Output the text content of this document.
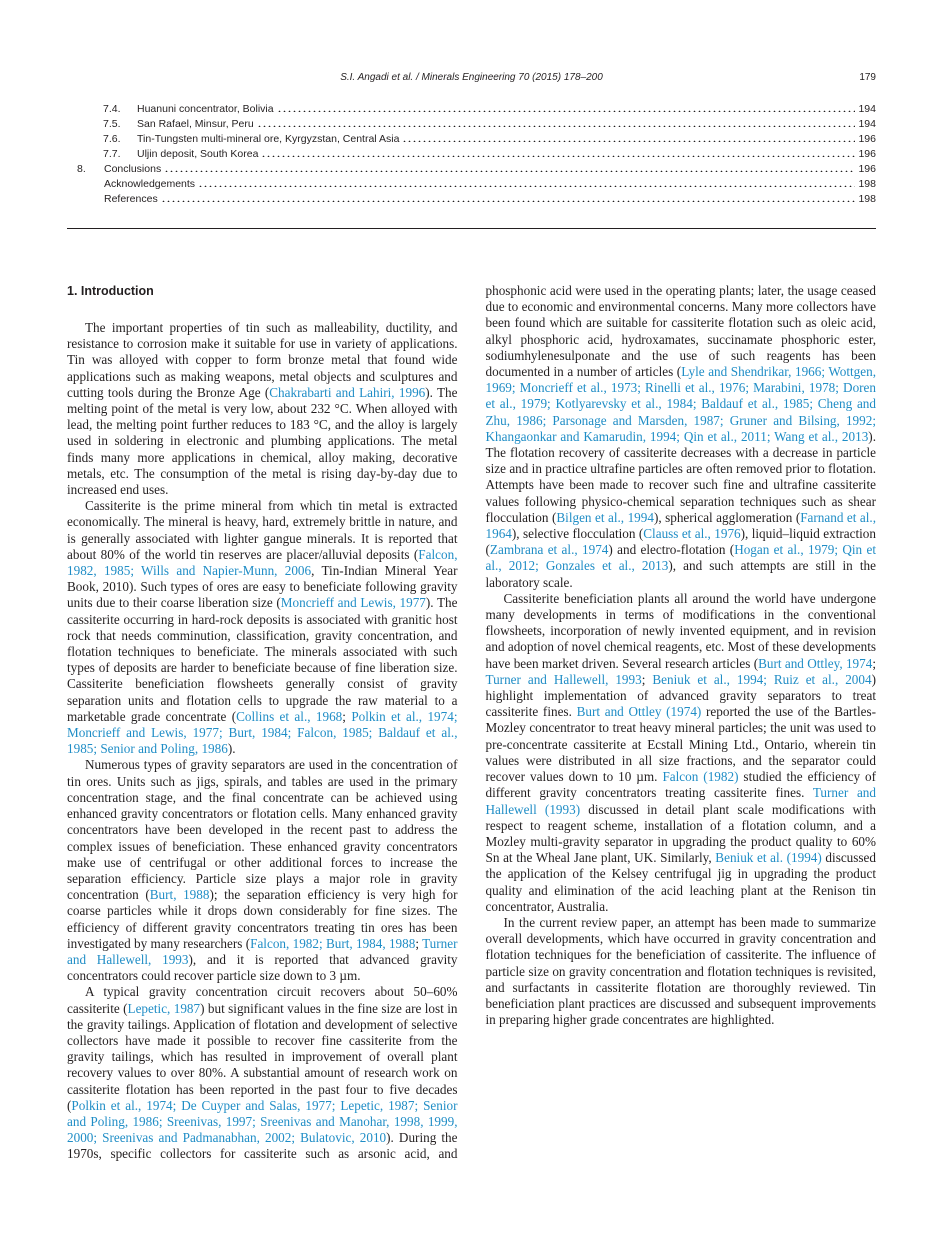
S.I. Angadi et al. / Minerals Engineering 70 (2015) 178–200	179
7.4.	Huanuni concentrator, Bolivia	194
7.5.	San Rafael, Minsur, Peru	194
7.6.	Tin-Tungsten multi-mineral ore, Kyrgyzstan, Central Asia	196
7.7.	Uljin deposit, South Korea	196
8.	Conclusions	196
Acknowledgements	198
References	198
1. Introduction

The important properties of tin such as malleability, ductility, and resistance to corrosion make it suitable for use in variety of applications. Tin was alloyed with copper to form bronze metal that found wide applications such as making weapons, metal objects and sculptures and cutting tools during the Bronze Age (Chakrabarti and Lahiri, 1996). The melting point of the metal is very low, about 232 °C. When alloyed with lead, the melting point further reduces to 183 °C, and the alloy is largely used in soldering in electronic and plumbing applications. The metal finds many more applications in chemical, alloy making, decorative metals, etc. The consumption of the metal is rising day-by-day due to increased end uses.

Cassiterite is the prime mineral from which tin metal is extracted economically. The mineral is heavy, hard, extremely brittle in nature, and is generally associated with lighter gangue minerals. It is reported that about 80% of the world tin reserves are placer/alluvial deposits (Falcon, 1982, 1985; Wills and Napier-Munn, 2006, Tin-Indian Mineral Year Book, 2010). Such types of ores are easy to beneficiate following gravity units due to their coarse liberation size (Moncrieff and Lewis, 1977). The cassiterite occurring in hard-rock deposits is associated with granitic host rock that needs comminution, classification, gravity concentration, and flotation techniques to beneficiate. The minerals associated with such types of deposits are harder to beneficiate because of fine liberation size. Cassiterite beneficiation flowsheets generally consist of gravity separation units and flotation cells to upgrade the raw material to a marketable grade concentrate (Collins et al., 1968; Polkin et al., 1974; Moncrieff and Lewis, 1977; Burt, 1984; Falcon, 1985; Baldauf et al., 1985; Senior and Poling, 1986).

Numerous types of gravity separators are used in the concentration of tin ores. Units such as jigs, spirals, and tables are used in the primary concentration stage, and the final concentrate can be achieved using enhanced gravity concentrators or flotation cells. Many enhanced gravity concentrators have been developed in the recent past to address the complex issues of beneficiation. These enhanced gravity concentrators make use of centrifugal or other additional forces to increase the separation efficiency. Particle size plays a major role in gravity concentration (Burt, 1988); the separation efficiency is very high for coarse particles while it drops down considerably for fine sizes. The efficiency of different gravity concentrators treating tin ores has been investigated by many researchers (Falcon, 1982; Burt, 1984, 1988; Turner and Hallewell, 1993), and it is reported that advanced gravity concentrators could recover particle size down to 3 µm.

A typical gravity concentration circuit recovers about 50–60% cassiterite (Lepetic, 1987) but significant values in the fine size are lost in the gravity tailings. Application of flotation and development of selective collectors have made it possible to recover fine cassiterite from the gravity tailings, which has resulted in improvement of overall plant recovery values to over 80%. A substantial amount of research work on cassiterite flotation has been reported in the past four to five decades (Polkin et al., 1974; De Cuyper and Salas, 1977; Lepetic, 1987; Senior and Poling, 1986; Sreenivas, 1997; Sreenivas and Manohar, 1998, 1999, 2000; Sreenivas and Padmanabhan, 2002; Bulatovic, 2010). During the 1970s, specific collectors for cassiterite such as arsonic acid, and phosphonic acid were used in the operating plants; later, the usage ceased due to economic and environmental concerns. Many more collectors have been found which are suitable for cassiterite flotation such as oleic acid, alkyl phosphoric acid, hydroxamates, succinamate phosphoric ester, sodiumhylenesulponate and the use of such reagents has been documented in a number of articles (Lyle and Shendrikar, 1966; Wottgen, 1969; Moncrieff et al., 1973; Rinelli et al., 1976; Marabini, 1978; Doren et al., 1979; Kotlyarevsky et al., 1984; Baldauf et al., 1985; Cheng and Zhu, 1986; Parsonage and Marsden, 1987; Gruner and Bilsing, 1992; Khangaonkar and Kamarudin, 1994; Qin et al., 2011; Wang et al., 2013). The flotation recovery of cassiterite decreases with a decrease in particle size and in practice ultrafine particles are often removed prior to flotation. Attempts have been made to recover such fine and ultrafine cassiterite values following physico-chemical separation techniques such as shear flocculation (Bilgen et al., 1994), spherical agglomeration (Farnand et al., 1964), selective flocculation (Clauss et al., 1976), liquid–liquid extraction (Zambrana et al., 1974) and electro-flotation (Hogan et al., 1979; Qin et al., 2012; Gonzales et al., 2013), and such attempts are still in the laboratory scale.

Cassiterite beneficiation plants all around the world have undergone many developments in terms of modifications in the conventional flowsheets, incorporation of newly invented equipment, and in revision and adoption of novel chemical reagents, etc. Most of these developments have been market driven. Several research articles (Burt and Ottley, 1974; Turner and Hallewell, 1993; Beniuk et al., 1994; Ruiz et al., 2004) highlight implementation of advanced gravity separators to treat cassiterite fines. Burt and Ottley (1974) reported the use of the Bartles-Mozley concentrator to treat heavy mineral particles; the unit was used to pre-concentrate cassiterite at Ecstall Mining Ltd., Ontario, wherein tin values were distributed in all size fractions, and the separator could recover values down to 10 µm. Falcon (1982) studied the efficiency of different gravity concentrators treating cassiterite fines. Turner and Hallewell (1993) discussed in detail plant scale modifications with respect to reagent scheme, installation of a flotation column, and a Mozley multi-gravity separator in upgrading the product quality to 60% Sn at the Wheal Jane plant, UK. Similarly, Beniuk et al. (1994) discussed the application of the Kelsey centrifugal jig in upgrading the product quality and elimination of the acid leaching plant at the Renison tin concentrator, Australia.

In the current review paper, an attempt has been made to summarize overall developments, which have occurred in gravity concentration and flotation techniques for the beneficiation of cassiterite. The influence of particle size on gravity concentration and flotation techniques is revisited, and surfactants in cassiterite flotation are thoroughly reviewed. Tin beneficiation plant practices are discussed and subsequent improvements in preparing higher grade concentrates are highlighted.
